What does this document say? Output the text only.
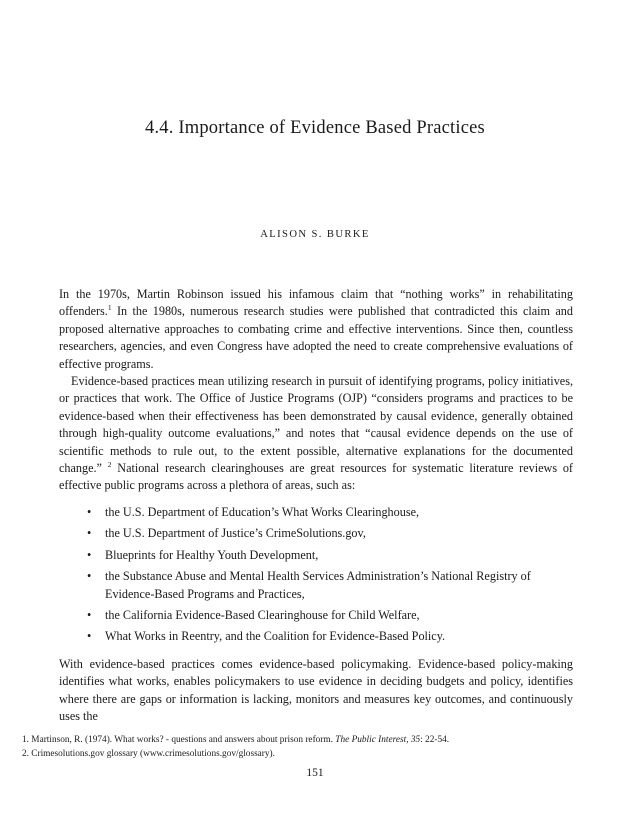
4.4. Importance of Evidence Based Practices
ALISON S. BURKE

In the 1970s, Martin Robinson issued his infamous claim that “nothing works” in rehabilitating offenders.$^1$ In the 1980s, numerous research studies were published that contradicted this claim and proposed alternative approaches to combating crime and effective interventions. Since then, countless researchers, agencies, and even Congress have adopted the need to create comprehensive evaluations of effective programs.

Evidence-based practices mean utilizing research in pursuit of identifying programs, policy initiatives, or practices that work. The Office of Justice Programs (OJP) “considers programs and practices to be evidence-based when their effectiveness has been demonstrated by causal evidence, generally obtained through high-quality outcome evaluations,” and notes that “causal evidence depends on the use of scientific methods to rule out, to the extent possible, alternative explanations for the documented change.” $^2$ National research clearinghouses are great resources for systematic literature reviews of effective public programs across a plethora of areas, such as:

• the U.S. Department of Education’s What Works Clearinghouse,
• the U.S. Department of Justice’s CrimeSolutions.gov,
• Blueprints for Healthy Youth Development,
• the Substance Abuse and Mental Health Services Administration’s National Registry of Evidence-Based Programs and Practices,
• the California Evidence-Based Clearinghouse for Child Welfare,
• What Works in Reentry, and the Coalition for Evidence-Based Policy.

With evidence-based practices comes evidence-based policymaking. Evidence-based policy-making identifies what works, enables policymakers to use evidence in deciding budgets and policy, identifies where there are gaps or information is lacking, monitors and measures key outcomes, and continuously uses the

1. Martinson, R. (1974). What works? - questions and answers about prison reform. The Public Interest, 35: 22-54.
2. Crimesolutions.gov glossary (www.crimesolutions.gov/glossary).
151
